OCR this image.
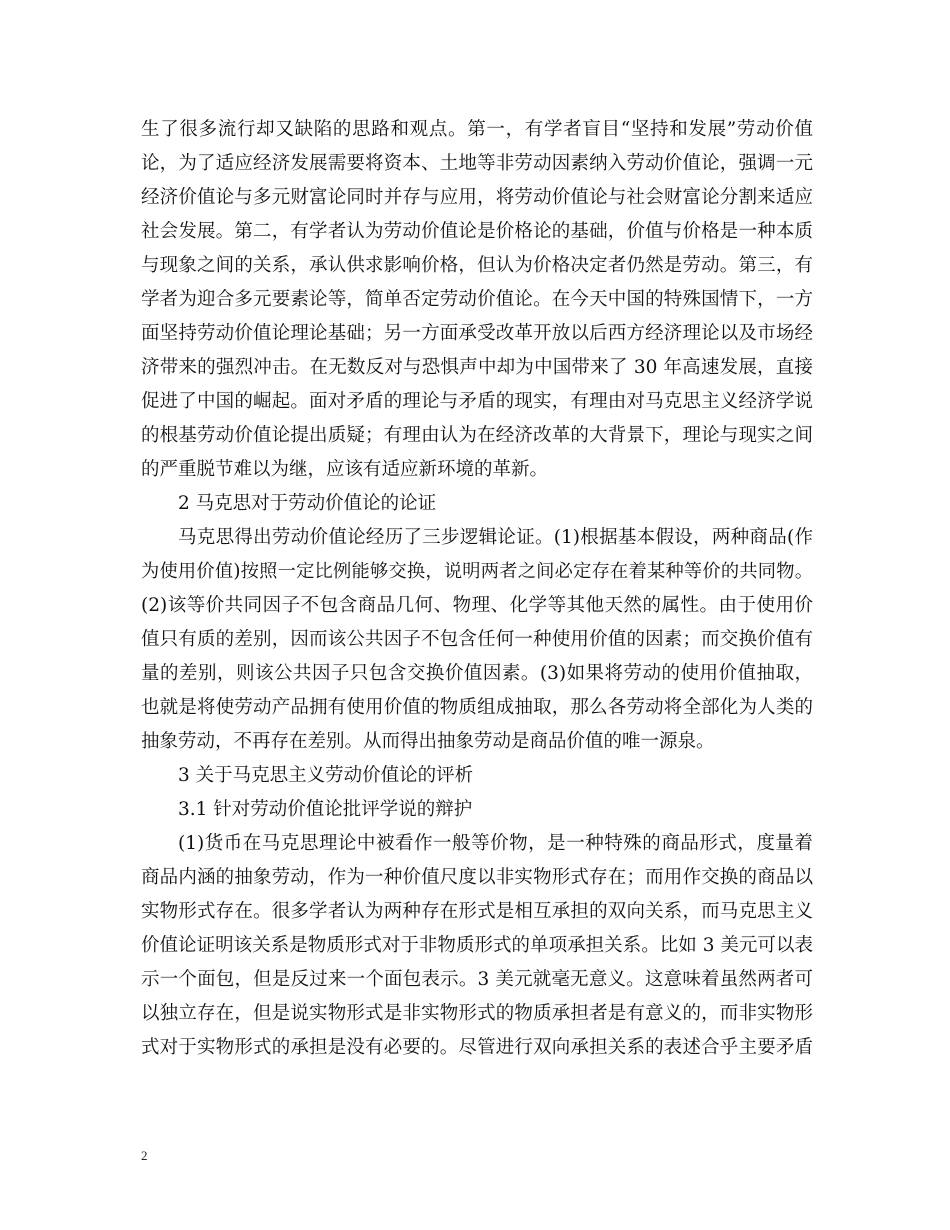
生了很多流行却又缺陷的思路和观点。第一，有学者盲目“坚持和发展”劳动价值
论，为了适应经济发展需要将资本、土地等非劳动因素纳入劳动价值论，强调一元
经济价值论与多元财富论同时并存与应用，将劳动价值论与社会财富论分割来适应
社会发展。第二，有学者认为劳动价值论是价格论的基础，价值与价格是一种本质
与现象之间的关系，承认供求影响价格，但认为价格决定者仍然是劳动。第三，有
学者为迎合多元要素论等，简单否定劳动价值论。在今天中国的特殊国情下，一方
面坚持劳动价值论理论基础；另一方面承受改革开放以后西方经济理论以及市场经
济带来的强烈冲击。在无数反对与恐惧声中却为中国带来了 30 年高速发展，直接
促进了中国的崛起。面对矛盾的理论与矛盾的现实，有理由对马克思主义经济学说
的根基劳动价值论提出质疑；有理由认为在经济改革的大背景下，理论与现实之间
的严重脱节难以为继，应该有适应新环境的革新。
2 马克思对于劳动价值论的论证
马克思得出劳动价值论经历了三步逻辑论证。(1)根据基本假设，两种商品(作
为使用价值)按照一定比例能够交换，说明两者之间必定存在着某种等价的共同物。
(2)该等价共同因子不包含商品几何、物理、化学等其他天然的属性。由于使用价
值只有质的差别，因而该公共因子不包含任何一种使用价值的因素；而交换价值有
量的差别，则该公共因子只包含交换价值因素。(3)如果将劳动的使用价值抽取，
也就是将使劳动产品拥有使用价值的物质组成抽取，那么各劳动将全部化为人类的
抽象劳动，不再存在差别。从而得出抽象劳动是商品价值的唯一源泉。
3 关于马克思主义劳动价值论的评析
3.1 针对劳动价值论批评学说的辩护
(1)货币在马克思理论中被看作一般等价物，是一种特殊的商品形式，度量着
商品内涵的抽象劳动，作为一种价值尺度以非实物形式存在；而用作交换的商品以
实物形式存在。很多学者认为两种存在形式是相互承担的双向关系，而马克思主义
价值论证明该关系是物质形式对于非物质形式的单项承担关系。比如 3 美元可以表
示一个面包，但是反过来一个面包表示。3 美元就毫无意义。这意味着虽然两者可
以独立存在，但是说实物形式是非实物形式的物质承担者是有意义的，而非实物形
式对于实物形式的承担是没有必要的。尽管进行双向承担关系的表述合乎主要矛盾
2
